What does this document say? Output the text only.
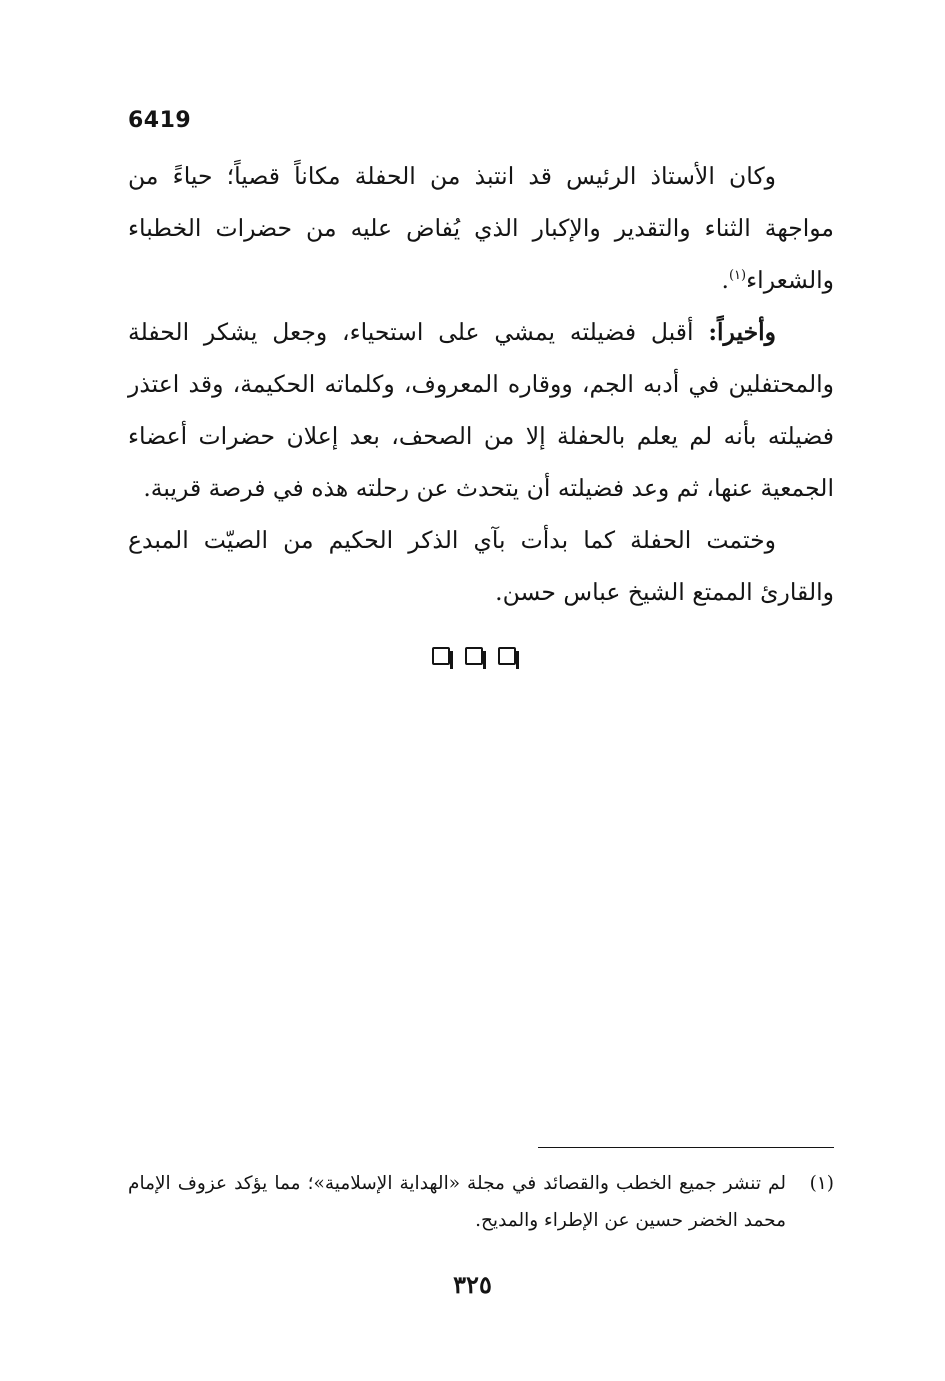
6419

وكان الأستاذ الرئيس قد انتبذ من الحفلة مكاناً قصياً؛ حياءً من مواجهة الثناء والتقدير والإكبار الذي يُفاض عليه من حضرات الخطباء والشعراء$^{(١)}$.

وأخيراً: أقبل فضيلته يمشي على استحياء، وجعل يشكر الحفلة والمحتفلين في أدبه الجم، ووقاره المعروف، وكلماته الحكيمة، وقد اعتذر فضيلته بأنه لم يعلم بالحفلة إلا من الصحف، بعد إعلان حضرات أعضاء الجمعية عنها، ثم وعد فضيلته أن يتحدث عن رحلته هذه في فرصة قريبة.

وختمت الحفلة كما بدأت بآي الذكر الحكيم من الصيّت المبدع والقارئ الممتع الشيخ عباس حسن.

(١)
لم تنشر جميع الخطب والقصائد في مجلة «الهداية الإسلامية»؛ مما يؤكد عزوف الإمام محمد الخضر حسين عن الإطراء والمديح.

٣٢٥
